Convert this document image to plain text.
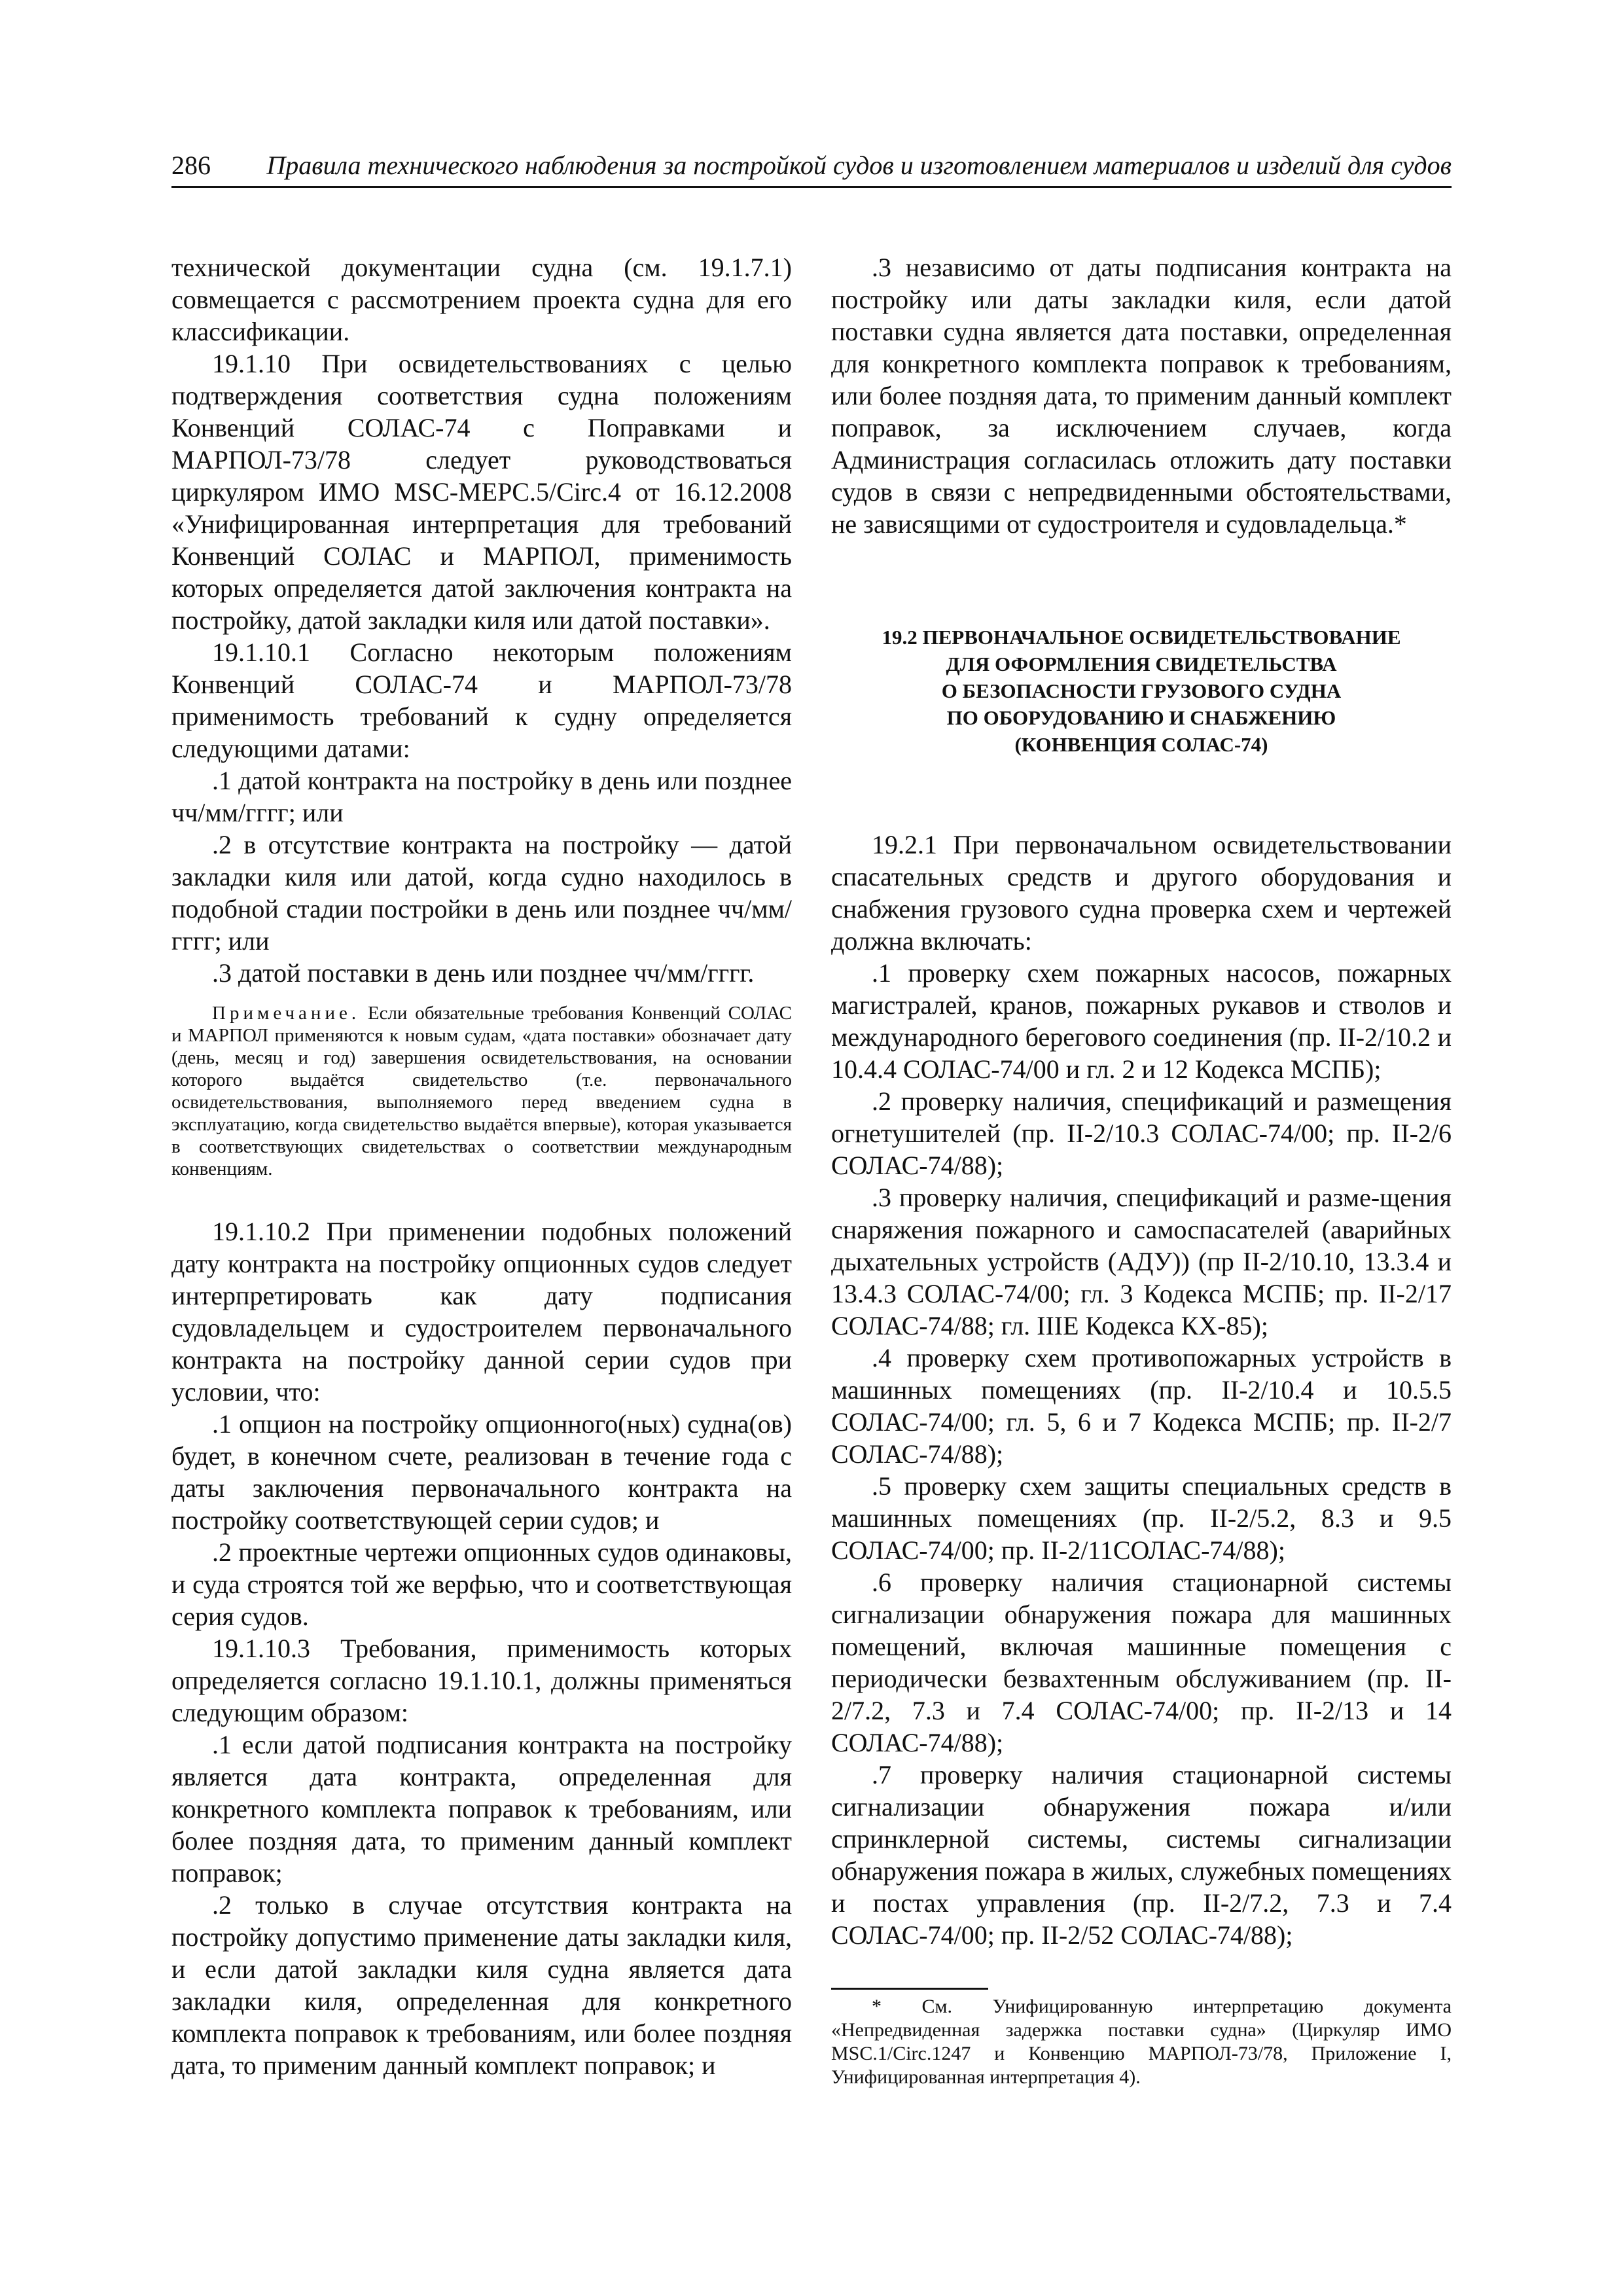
286 Правила технического наблюдения за постройкой судов и изготовлением материалов и изделий для судов

технической документации судна (см. 19.1.7.1) совмещается с рассмотрением проекта судна для его классификации.

19.1.10 При освидетельствованиях с целью подтверждения соответствия судна положениям Конвенций СОЛАС-74 с Поправками и МАРПОЛ-73/78 следует руководствоваться циркуляром ИМО MSC-MEPC.5/Circ.4 от 16.12.2008 «Унифицированная интерпретация для требований Конвенций СОЛАС и МАРПОЛ, применимость которых определяется датой заключения контракта на постройку, датой закладки киля или датой поставки».

19.1.10.1 Согласно некоторым положениям Конвенций СОЛАС-74 и МАРПОЛ-73/78 применимость требований к судну определяется следующими датами:

.1 датой контракта на постройку в день или позднее чч/мм/гггг; или

.2 в отсутствие контракта на постройку — датой закладки киля или датой, когда судно находилось в подобной стадии постройки в день или позднее чч/мм/гггг; или

.3 датой поставки в день или позднее чч/мм/гггг.

Примечание. Если обязательные требования Конвенций СОЛАС и МАРПОЛ применяются к новым судам, «дата поставки» обозначает дату (день, месяц и год) завершения освидетельствования, на основании которого выдаётся свидетельство (т.е. первоначального освидетельствования, выполняемого перед введением судна в эксплуатацию, когда свидетельство выдаётся впервые), которая указывается в соответствующих свидетельствах о соответствии международным конвенциям.

19.1.10.2 При применении подобных положений дату контракта на постройку опционных судов следует интерпретировать как дату подписания судовладельцем и судостроителем первоначального контракта на постройку данной серии судов при условии, что:

.1 опцион на постройку опционного(ных) судна(ов) будет, в конечном счете, реализован в течение года с даты заключения первоначального контракта на постройку соответствующей серии судов; и

.2 проектные чертежи опционных судов одинаковы, и суда строятся той же верфью, что и соответствующая серия судов.

19.1.10.3 Требования, применимость которых определяется согласно 19.1.10.1, должны применяться следующим образом:

.1 если датой подписания контракта на постройку является дата контракта, определенная для конкретного комплекта поправок к требованиям, или более поздняя дата, то применим данный комплект поправок;

.2 только в случае отсутствия контракта на постройку допустимо применение даты закладки киля, и если датой закладки киля судна является дата закладки киля, определенная для конкретного комплекта поправок к требованиям, или более поздняя дата, то применим данный комплект поправок; и

.3 независимо от даты подписания контракта на постройку или даты закладки киля, если датой поставки судна является дата поставки, определенная для конкретного комплекта поправок к требованиям, или более поздняя дата, то применим данный комплект поправок, за исключением случаев, когда Администрация согласилась отложить дату поставки судов в связи с непредвиденными обстоятельствами, не зависящими от судостроителя и судовладельца.*

19.2 ПЕРВОНАЧАЛЬНОЕ ОСВИДЕТЕЛЬСТВОВАНИЕ
ДЛЯ ОФОРМЛЕНИЯ СВИДЕТЕЛЬСТВА
О БЕЗОПАСНОСТИ ГРУЗОВОГО СУДНА
ПО ОБОРУДОВАНИЮ И СНАБЖЕНИЮ
(КОНВЕНЦИЯ СОЛАС-74)

19.2.1 При первоначальном освидетельствовании спасательных средств и другого оборудования и снабжения грузового судна проверка схем и чертежей должна включать:

.1 проверку схем пожарных насосов, пожарных магистралей, кранов, пожарных рукавов и стволов и международного берегового соединения (пр. II-2/10.2 и 10.4.4 СОЛАС-74/00 и гл. 2 и 12 Кодекса МСПБ);

.2 проверку наличия, спецификаций и размещения огнетушителей (пр. II-2/10.3 СОЛАС-74/00; пр. II-2/6 СОЛАС-74/88);

.3 проверку наличия, спецификаций и разме-щения снаряжения пожарного и самоспасателей (аварийных дыхательных устройств (АДУ)) (пр II-2/10.10, 13.3.4 и 13.4.3 СОЛАС-74/00; гл. 3 Кодекса МСПБ; пр. II-2/17 СОЛАС-74/88; гл. IIIЕ Кодекса КХ-85);

.4 проверку схем противопожарных устройств в машинных помещениях (пр. II-2/10.4 и 10.5.5 СОЛАС-74/00; гл. 5, 6 и 7 Кодекса МСПБ; пр. II-2/7 СОЛАС-74/88);

.5 проверку схем защиты специальных средств в машинных помещениях (пр. II-2/5.2, 8.3 и 9.5 СОЛАС-74/00; пр. II-2/11СОЛАС-74/88);

.6 проверку наличия стационарной системы сигнализации обнаружения пожара для машинных помещений, включая машинные помещения с периодически безвахтенным обслуживанием (пр. II-2/7.2, 7.3 и 7.4 СОЛАС-74/00; пр. II-2/13 и 14 СОЛАС-74/88);

.7 проверку наличия стационарной системы сигнализации обнаружения пожара и/или спринклерной системы, системы сигнализации обнаружения пожара в жилых, служебных помещениях и постах управления (пр. II-2/7.2, 7.3 и 7.4 СОЛАС-74/00; пр. II-2/52 СОЛАС-74/88);

* См. Унифицированную интерпретацию документа «Непредвиденная задержка поставки судна» (Циркуляр ИМО MSC.1/Circ.1247 и Конвенцию МАРПОЛ-73/78, Приложение I, Унифицированная интерпретация 4).
